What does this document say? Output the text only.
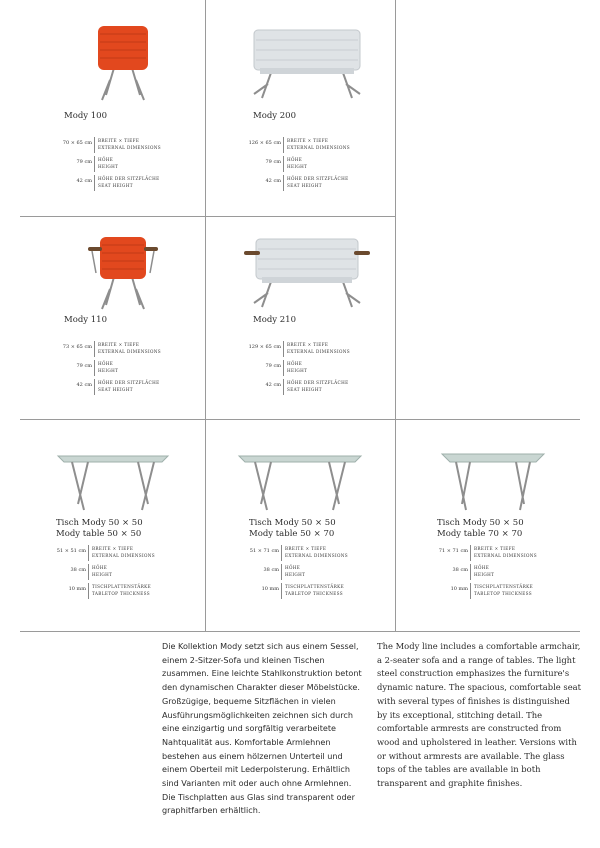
Mody 100
70 × 65 cm BREITE × TIEFE
EXTERNAL DIMENSIONS
79 cm HÖHE
HEIGHT
42 cm HÖHE DER SITZFLÄCHE
SEAT HEIGHT
Mody 200
126 × 65 cm BREITE × TIEFE
EXTERNAL DIMENSIONS
79 cm HÖHE
HEIGHT
42 cm HÖHE DER SITZFLÄCHE
SEAT HEIGHT
Mody 110
73 × 65 cm BREITE × TIEFE
EXTERNAL DIMENSIONS
79 cm HÖHE
HEIGHT
42 cm HÖHE DER SITZFLÄCHE
SEAT HEIGHT
Mody 210
129 × 65 cm BREITE × TIEFE
EXTERNAL DIMENSIONS
79 cm HÖHE
HEIGHT
42 cm HÖHE DER SITZFLÄCHE
SEAT HEIGHT
Tisch Mody 50 × 50
Mody table 50 × 50
51 × 51 cm BREITE × TIEFE
EXTERNAL DIMENSIONS
38 cm HÖHE
HEIGHT
10 mm TISCHPLATTENSTÄRKE
TABLETOP THICKNESS
Tisch Mody 50 × 50
Mody table 50 × 70
51 × 71 cm BREITE × TIEFE
EXTERNAL DIMENSIONS
38 cm HÖHE
HEIGHT
10 mm TISCHPLATTENSTÄRKE
TABLETOP THICKNESS
Tisch Mody 50 × 50
Mody table 70 × 70
71 × 71 cm BREITE × TIEFE
EXTERNAL DIMENSIONS
38 cm HÖHE
HEIGHT
10 mm TISCHPLATTENSTÄRKE
TABLETOP THICKNESS
Die Kollektion Mody setzt sich aus einem Sessel, einem 2-Sitzer-Sofa und kleinen Tischen zusammen. Eine leichte Stahlkonstruktion betont den dynamischen Charakter dieser Möbelstücke. Großzügige, bequeme Sitzflächen in vielen Ausführungsmöglichkeiten zeichnen sich durch eine einzigartig und sorgfältig verarbeitete Nahtqualität aus. Komfortable Armlehnen bestehen aus einem hölzernen Unterteil und einem Oberteil mit Lederpolsterung. Erhältlich sind Varianten mit oder auch ohne Armlehnen. Die Tischplatten aus Glas sind transparent oder graphitfarben erhältlich.
The Mody line includes a comfortable armchair, a 2-seater sofa and a range of tables. The light steel construction emphasizes the furniture's dynamic nature. The spacious, comfortable seat with several types of finishes is distinguished by its exceptional, stitching detail. The comfortable armrests are constructed from wood and upholstered in leather. Versions with or without armrests are available. The glass tops of the tables are available in both transparent and graphite finishes.
